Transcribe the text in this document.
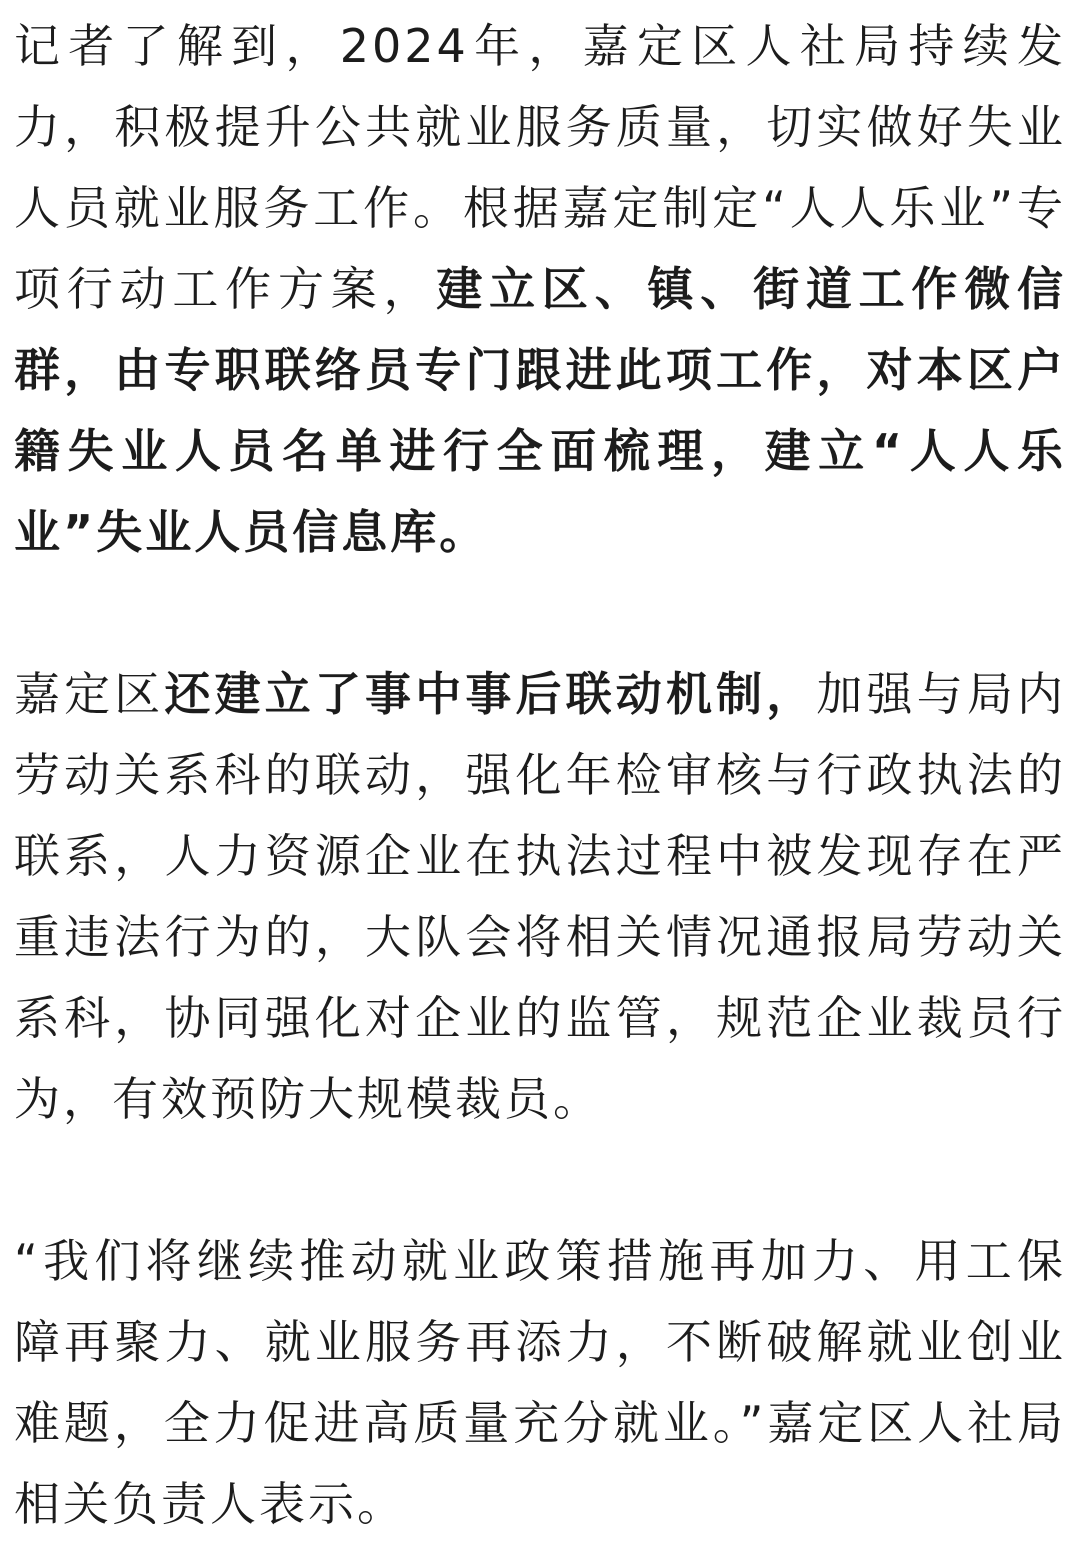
记者了解到，2024年，嘉定区人社局持续发力，积极提升公共就业服务质量，切实做好失业人员就业服务工作。根据嘉定制定“人人乐业”专项行动工作方案，建立区、镇、街道工作微信群，由专职联络员专门跟进此项工作，对本区户籍失业人员名单进行全面梳理，建立“人人乐业”失业人员信息库。

嘉定区还建立了事中事后联动机制，加强与局内劳动关系科的联动，强化年检审核与行政执法的联系，人力资源企业在执法过程中被发现存在严重违法行为的，大队会将相关情况通报局劳动关系科，协同强化对企业的监管，规范企业裁员行为，有效预防大规模裁员。

“我们将继续推动就业政策措施再加力、用工保障再聚力、就业服务再添力，不断破解就业创业难题，全力促进高质量充分就业。”嘉定区人社局相关负责人表示。
